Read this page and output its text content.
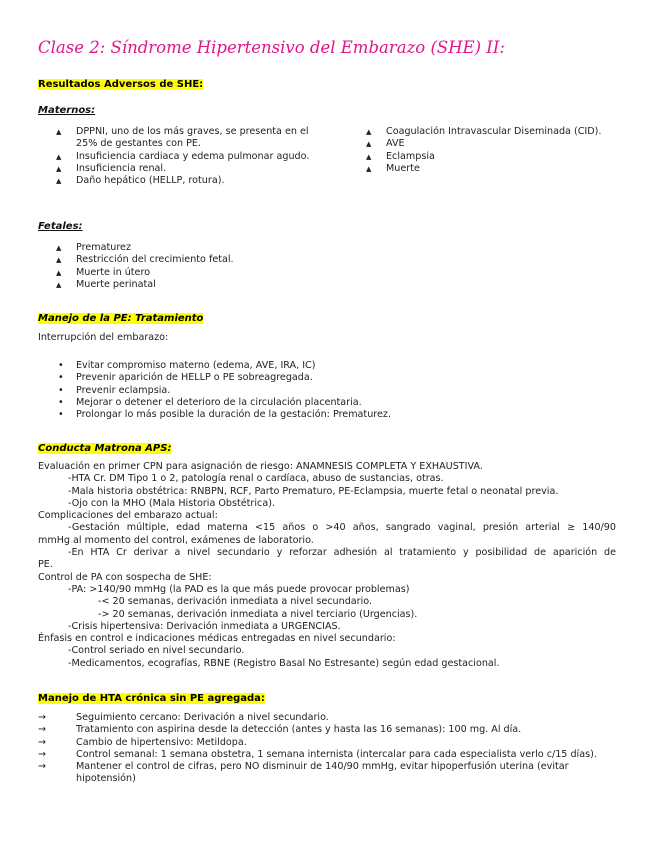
Clase 2: Síndrome Hipertensivo del Embarazo (SHE) II:
Resultados Adversos de SHE:
Maternos:
▲ DPPNI, uno de los más graves, se presenta en el 25% de gestantes con PE.
▲ Insuficiencia cardiaca y edema pulmonar agudo.
▲ Insuficiencia renal.
▲ Daño hepático (HELLP, rotura).
▲ Coagulación Intravascular Diseminada (CID).
▲ AVE
▲ Eclampsia
▲ Muerte
Fetales:
▲ Prematurez
▲ Restricción del crecimiento fetal.
▲ Muerte in útero
▲ Muerte perinatal
Manejo de la PE: Tratamiento
Interrupción del embarazo:
• Evitar compromiso materno (edema, AVE, IRA, IC)
• Prevenir aparición de HELLP o PE sobreagregada.
• Prevenir eclampsia.
• Mejorar o detener el deterioro de la circulación placentaria.
• Prolongar lo más posible la duración de la gestación: Prematurez.
Conducta Matrona APS:
Evaluación en primer CPN para asignación de riesgo: ANAMNESIS COMPLETA Y EXHAUSTIVA.
-HTA Cr. DM Tipo 1 o 2, patología renal o cardíaca, abuso de sustancias, otras.
-Mala historia obstétrica: RNBPN, RCF, Parto Prematuro, PE-Eclampsia, muerte fetal o neonatal previa.
-Ojo con la MHO (Mala Historia Obstétrica).
Complicaciones del embarazo actual:
-Gestación múltiple, edad materna <15 años o >40 años, sangrado vaginal, presión arterial ≥ 140/90
mmHg al momento del control, exámenes de laboratorio.
-En HTA Cr derivar a nivel secundario y reforzar adhesión al tratamiento y posibilidad de aparición de
PE.
Control de PA con sospecha de SHE:
-PA: >140/90 mmHg (la PAD es la que más puede provocar problemas)
-< 20 semanas, derivación inmediata a nivel secundario.
-> 20 semanas, derivación inmediata a nivel terciario (Urgencias).
-Crisis hipertensiva: Derivación inmediata a URGENCIAS.
Énfasis en control e indicaciones médicas entregadas en nivel secundario:
-Control seriado en nivel secundario.
-Medicamentos, ecografías, RBNE (Registro Basal No Estresante) según edad gestacional.
Manejo de HTA crónica sin PE agregada:
→	Seguimiento cercano: Derivación a nivel secundario.
→	Tratamiento con aspirina desde la detección (antes y hasta las 16 semanas): 100 mg. Al día.
→	Cambio de hipertensivo: Metildopa.
→	Control semanal: 1 semana obstetra, 1 semana internista (intercalar para cada especialista verlo c/15 días).
→	Mantener el control de cifras, pero NO disminuir de 140/90 mmHg, evitar hipoperfusión uterina (evitar hipotensión)
